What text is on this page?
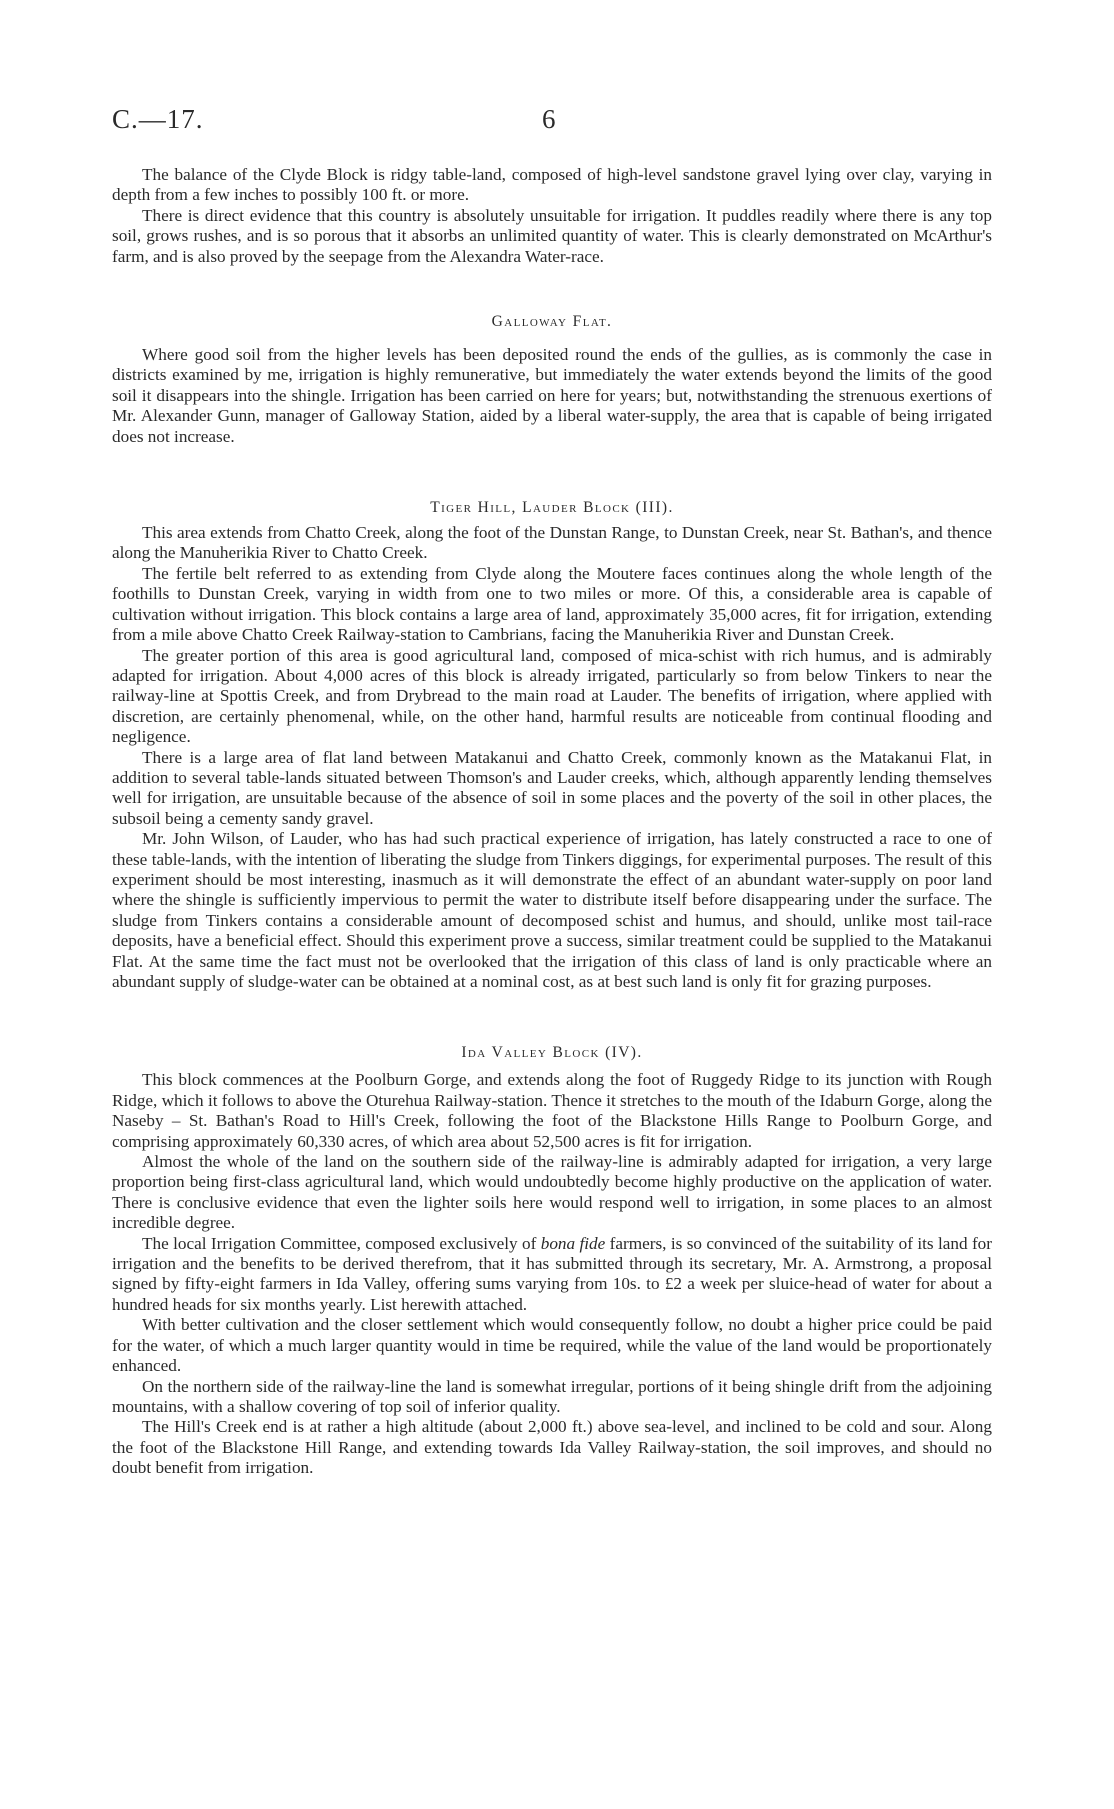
C.—17.	6

The balance of the Clyde Block is ridgy table-land, composed of high-level sandstone gravel lying over clay, varying in depth from a few inches to possibly 100 ft. or more.

There is direct evidence that this country is absolutely unsuitable for irrigation. It puddles readily where there is any top soil, grows rushes, and is so porous that it absorbs an unlimited quantity of water. This is clearly demonstrated on McArthur's farm, and is also proved by the seepage from the Alexandra Water-race.

Galloway Flat.

Where good soil from the higher levels has been deposited round the ends of the gullies, as is commonly the case in districts examined by me, irrigation is highly remunerative, but immediately the water extends beyond the limits of the good soil it disappears into the shingle. Irrigation has been carried on here for years; but, notwithstanding the strenuous exertions of Mr. Alexander Gunn, manager of Galloway Station, aided by a liberal water-supply, the area that is capable of being irrigated does not increase.

Tiger Hill, Lauder Block (III).

This area extends from Chatto Creek, along the foot of the Dunstan Range, to Dunstan Creek, near St. Bathan's, and thence along the Manuherikia River to Chatto Creek.

The fertile belt referred to as extending from Clyde along the Moutere faces continues along the whole length of the foothills to Dunstan Creek, varying in width from one to two miles or more. Of this, a considerable area is capable of cultivation without irrigation. This block contains a large area of land, approximately 35,000 acres, fit for irrigation, extending from a mile above Chatto Creek Railway-station to Cambrians, facing the Manuherikia River and Dunstan Creek.

The greater portion of this area is good agricultural land, composed of mica-schist with rich humus, and is admirably adapted for irrigation. About 4,000 acres of this block is already irrigated, particularly so from below Tinkers to near the railway-line at Spottis Creek, and from Drybread to the main road at Lauder. The benefits of irrigation, where applied with discretion, are certainly phenomenal, while, on the other hand, harmful results are noticeable from continual flooding and negligence.

There is a large area of flat land between Matakanui and Chatto Creek, commonly known as the Matakanui Flat, in addition to several table-lands situated between Thomson's and Lauder creeks, which, although apparently lending themselves well for irrigation, are unsuitable because of the absence of soil in some places and the poverty of the soil in other places, the subsoil being a cementy sandy gravel.

Mr. John Wilson, of Lauder, who has had such practical experience of irrigation, has lately constructed a race to one of these table-lands, with the intention of liberating the sludge from Tinkers diggings, for experimental purposes. The result of this experiment should be most interesting, inasmuch as it will demonstrate the effect of an abundant water-supply on poor land where the shingle is sufficiently impervious to permit the water to distribute itself before disappearing under the surface. The sludge from Tinkers contains a considerable amount of decomposed schist and humus, and should, unlike most tail-race deposits, have a beneficial effect. Should this experiment prove a success, similar treatment could be supplied to the Matakanui Flat. At the same time the fact must not be overlooked that the irrigation of this class of land is only practicable where an abundant supply of sludge-water can be obtained at a nominal cost, as at best such land is only fit for grazing purposes.

Ida Valley Block (IV).

This block commences at the Poolburn Gorge, and extends along the foot of Ruggedy Ridge to its junction with Rough Ridge, which it follows to above the Oturehua Railway-station. Thence it stretches to the mouth of the Idaburn Gorge, along the Naseby – St. Bathan's Road to Hill's Creek, following the foot of the Blackstone Hills Range to Poolburn Gorge, and comprising approximately 60,330 acres, of which area about 52,500 acres is fit for irrigation.

Almost the whole of the land on the southern side of the railway-line is admirably adapted for irrigation, a very large proportion being first-class agricultural land, which would undoubtedly become highly productive on the application of water. There is conclusive evidence that even the lighter soils here would respond well to irrigation, in some places to an almost incredible degree.

The local Irrigation Committee, composed exclusively of bona fide farmers, is so convinced of the suitability of its land for irrigation and the benefits to be derived therefrom, that it has submitted through its secretary, Mr. A. Armstrong, a proposal signed by fifty-eight farmers in Ida Valley, offering sums varying from 10s. to £2 a week per sluice-head of water for about a hundred heads for six months yearly. List herewith attached.

With better cultivation and the closer settlement which would consequently follow, no doubt a higher price could be paid for the water, of which a much larger quantity would in time be required, while the value of the land would be proportionately enhanced.

On the northern side of the railway-line the land is somewhat irregular, portions of it being shingle drift from the adjoining mountains, with a shallow covering of top soil of inferior quality.

The Hill's Creek end is at rather a high altitude (about 2,000 ft.) above sea-level, and inclined to be cold and sour. Along the foot of the Blackstone Hill Range, and extending towards Ida Valley Railway-station, the soil improves, and should no doubt benefit from irrigation.
